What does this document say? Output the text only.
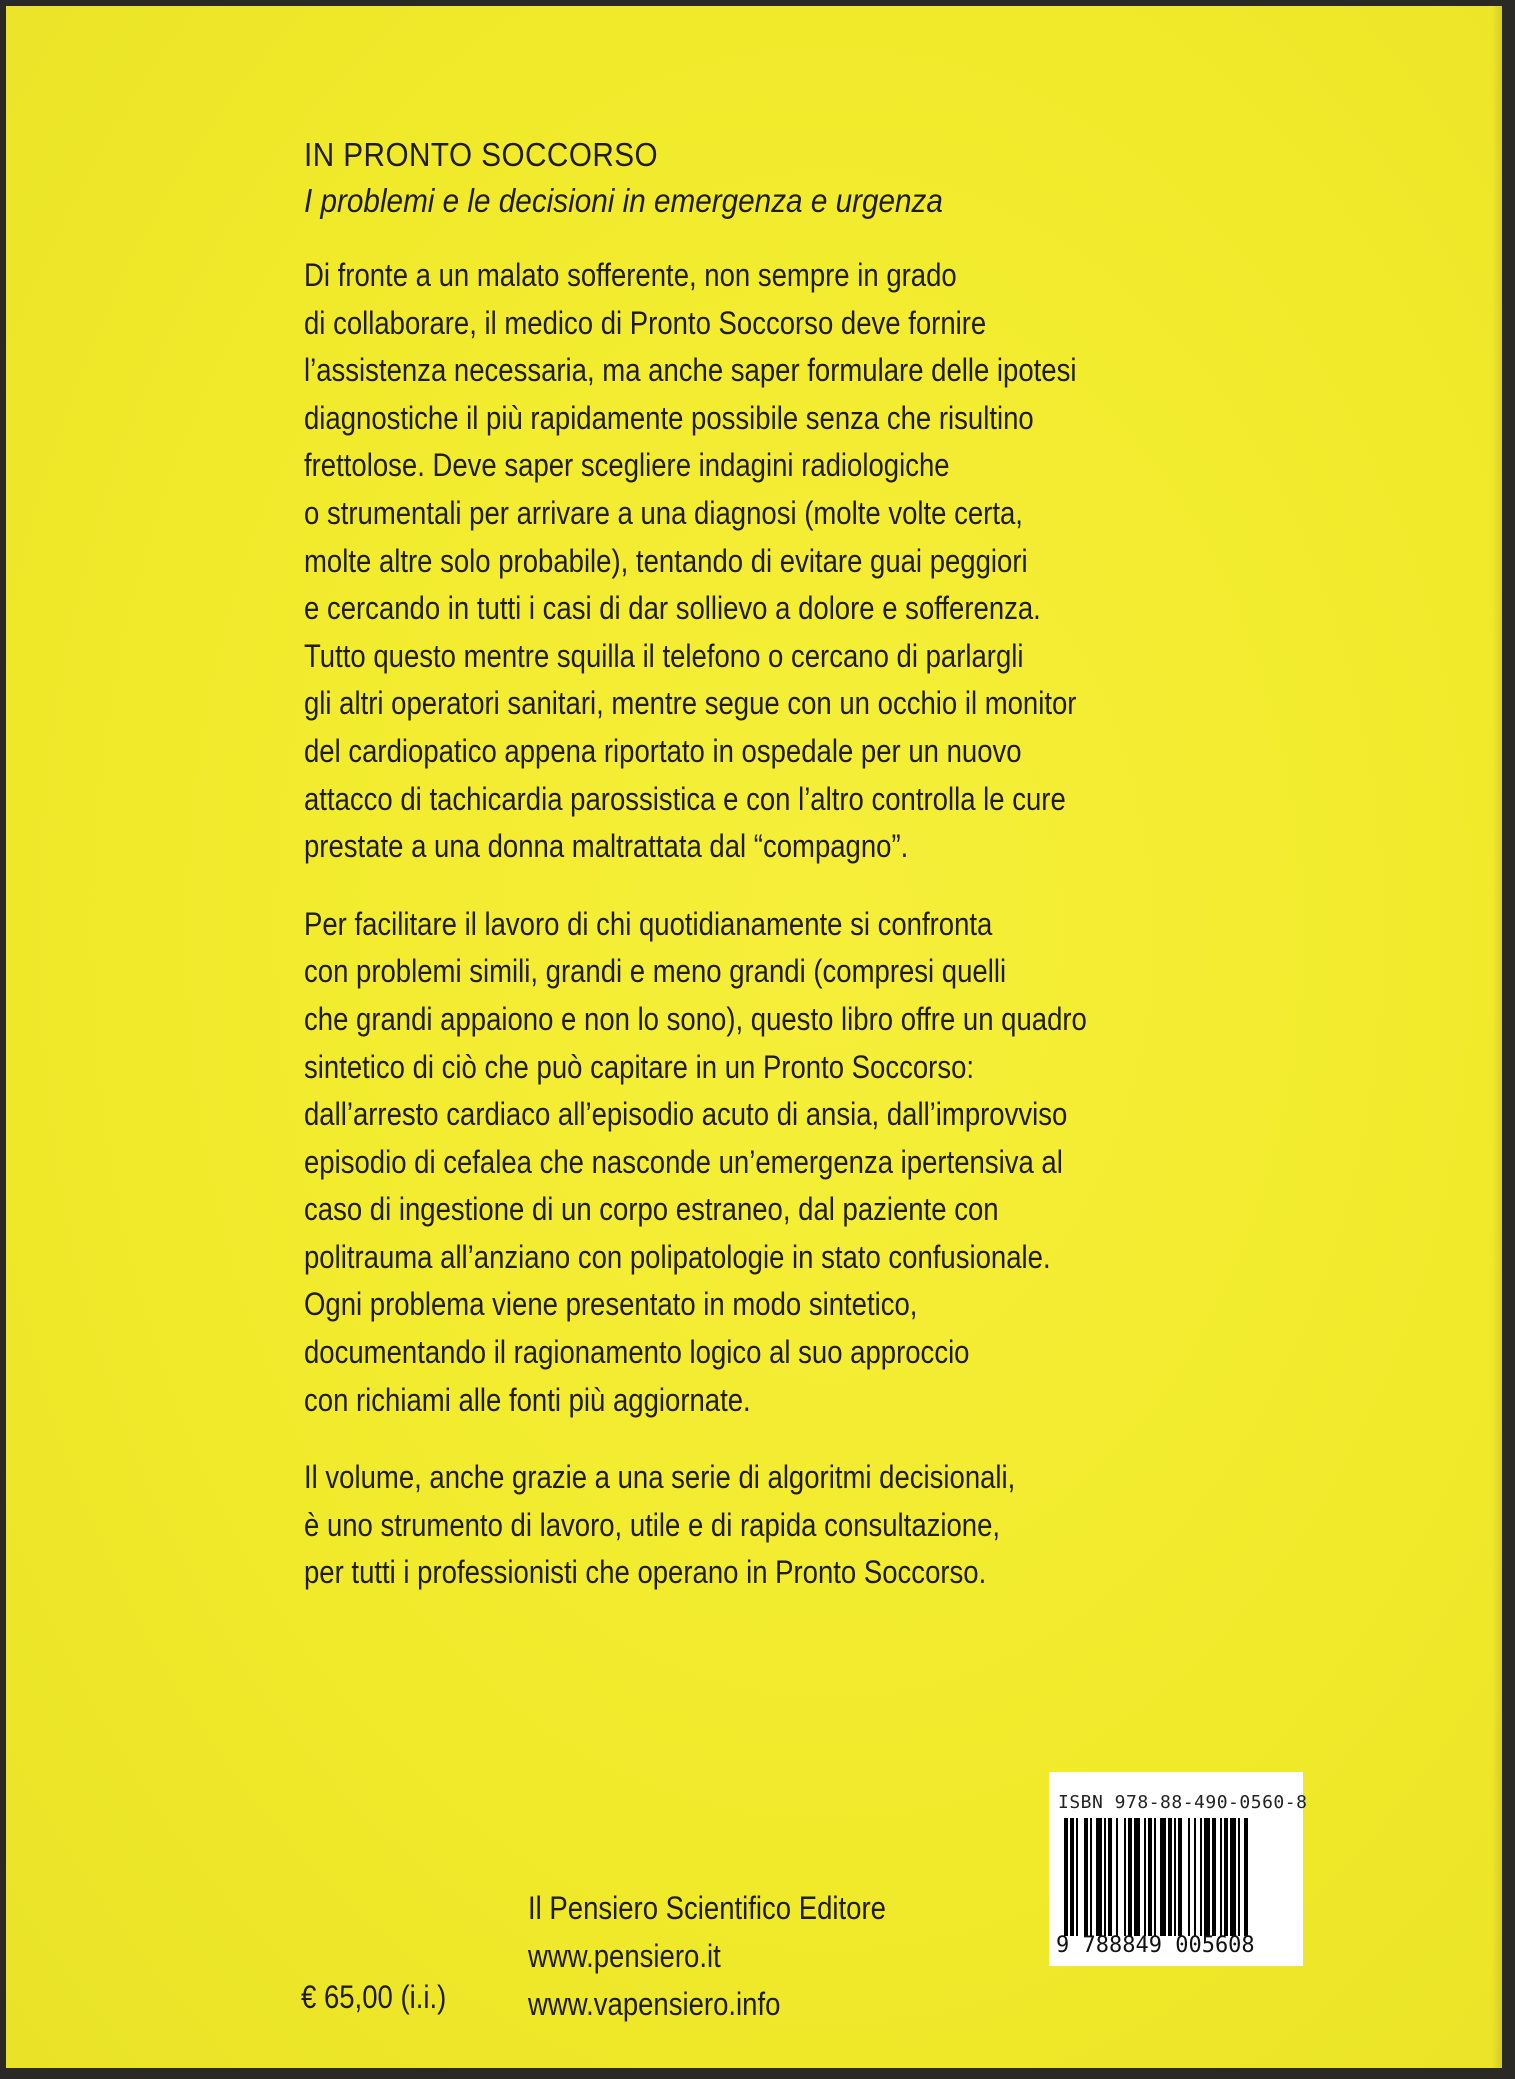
IN PRONTO SOCCORSO
I problemi e le decisioni in emergenza e urgenza
Di fronte a un malato sofferente, non sempre in grado
di collaborare, il medico di Pronto Soccorso deve fornire
l’assistenza necessaria, ma anche saper formulare delle ipotesi
diagnostiche il più rapidamente possibile senza che risultino
frettolose. Deve saper scegliere indagini radiologiche
o strumentali per arrivare a una diagnosi (molte volte certa,
molte altre solo probabile), tentando di evitare guai peggiori
e cercando in tutti i casi di dar sollievo a dolore e sofferenza.
Tutto questo mentre squilla il telefono o cercano di parlargli
gli altri operatori sanitari, mentre segue con un occhio il monitor
del cardiopatico appena riportato in ospedale per un nuovo
attacco di tachicardia parossistica e con l’altro controlla le cure
prestate a una donna maltrattata dal “compagno”.
Per facilitare il lavoro di chi quotidianamente si confronta
con problemi simili, grandi e meno grandi (compresi quelli
che grandi appaiono e non lo sono), questo libro offre un quadro
sintetico di ciò che può capitare in un Pronto Soccorso:
dall’arresto cardiaco all’episodio acuto di ansia, dall’improvviso
episodio di cefalea che nasconde un’emergenza ipertensiva al
caso di ingestione di un corpo estraneo, dal paziente con
politrauma all’anziano con polipatologie in stato confusionale.
Ogni problema viene presentato in modo sintetico,
documentando il ragionamento logico al suo approccio
con richiami alle fonti più aggiornate.
Il volume, anche grazie a una serie di algoritmi decisionali,
è uno strumento di lavoro, utile e di rapida consultazione,
per tutti i professionisti che operano in Pronto Soccorso.
Il Pensiero Scientifico Editore
www.pensiero.it
www.vapensiero.info
€ 65,00 (i.i.)
ISBN 978-88-490-0560-8
9 788849 005608
